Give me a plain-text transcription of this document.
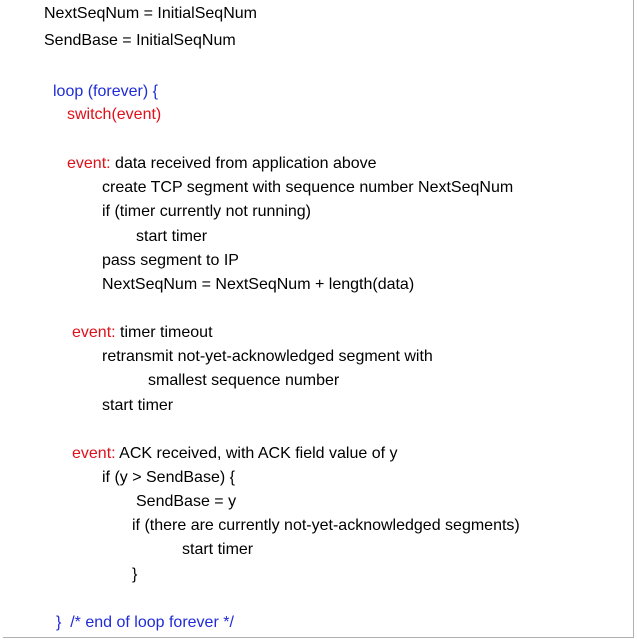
NextSeqNum = InitialSeqNum
SendBase = InitialSeqNum
loop (forever) {
switch(event)
event: data received from application above
create TCP segment with sequence number NextSeqNum
if (timer currently not running)
start timer
pass segment to IP
NextSeqNum = NextSeqNum + length(data)
event: timer timeout
retransmit not-yet-acknowledged segment with
smallest sequence number
start timer
event: ACK received, with ACK field value of y
if (y > SendBase) {
SendBase = y
if (there are currently not-yet-acknowledged segments)
start timer
}
}  /* end of loop forever */
